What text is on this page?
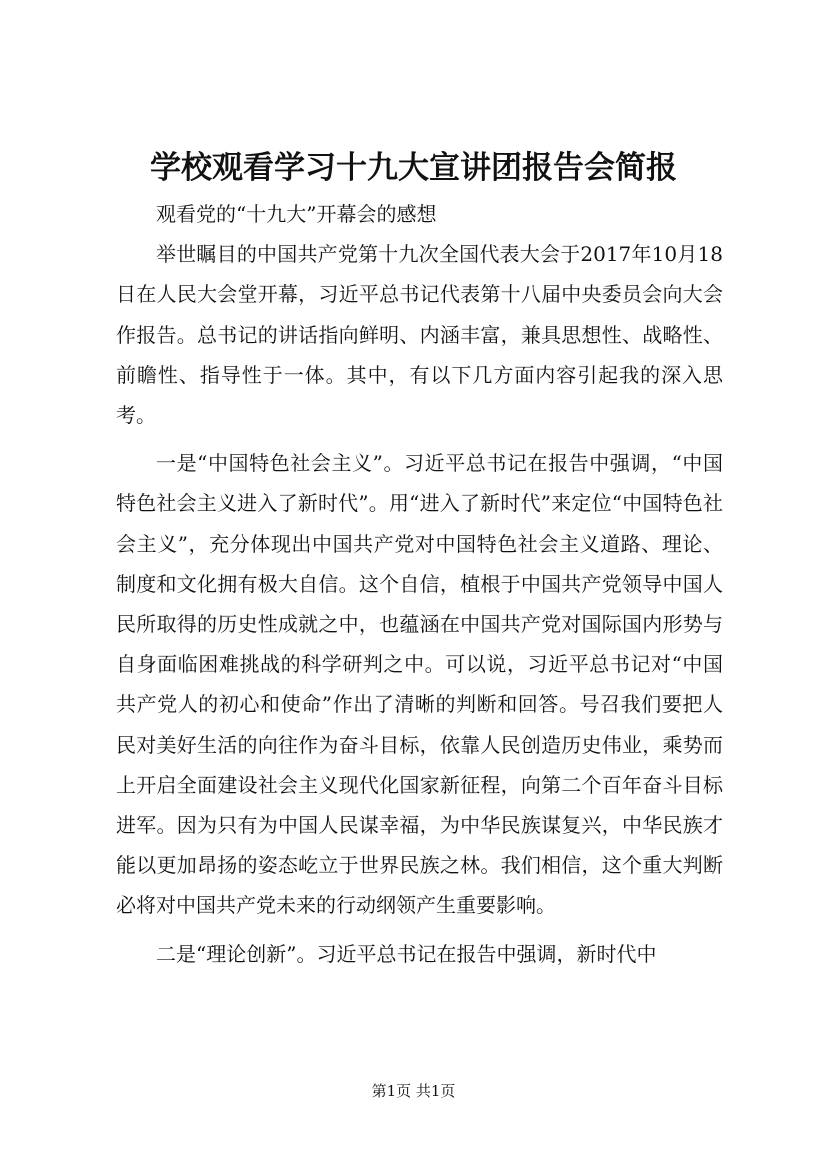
学校观看学习十九大宣讲团报告会简报

观看党的“十九大”开幕会的感想

举世瞩目的中国共产党第十九次全国代表大会于2017年10月18日在人民大会堂开幕，习近平总书记代表第十八届中央委员会向大会作报告。总书记的讲话指向鲜明、内涵丰富，兼具思想性、战略性、前瞻性、指导性于一体。其中，有以下几方面内容引起我的深入思考。

一是“中国特色社会主义”。习近平总书记在报告中强调，“中国特色社会主义进入了新时代”。用“进入了新时代”来定位“中国特色社会主义”，充分体现出中国共产党对中国特色社会主义道路、理论、制度和文化拥有极大自信。这个自信，植根于中国共产党领导中国人民所取得的历史性成就之中，也蕴涵在中国共产党对国际国内形势与自身面临困难挑战的科学研判之中。可以说，习近平总书记对“中国共产党人的初心和使命”作出了清晰的判断和回答。号召我们要把人民对美好生活的向往作为奋斗目标，依靠人民创造历史伟业，乘势而上开启全面建设社会主义现代化国家新征程，向第二个百年奋斗目标进军。因为只有为中国人民谋幸福，为中华民族谋复兴，中华民族才能以更加昂扬的姿态屹立于世界民族之林。我们相信，这个重大判断必将对中国共产党未来的行动纲领产生重要影响。

二是“理论创新”。习近平总书记在报告中强调，新时代中

第1页 共1页
